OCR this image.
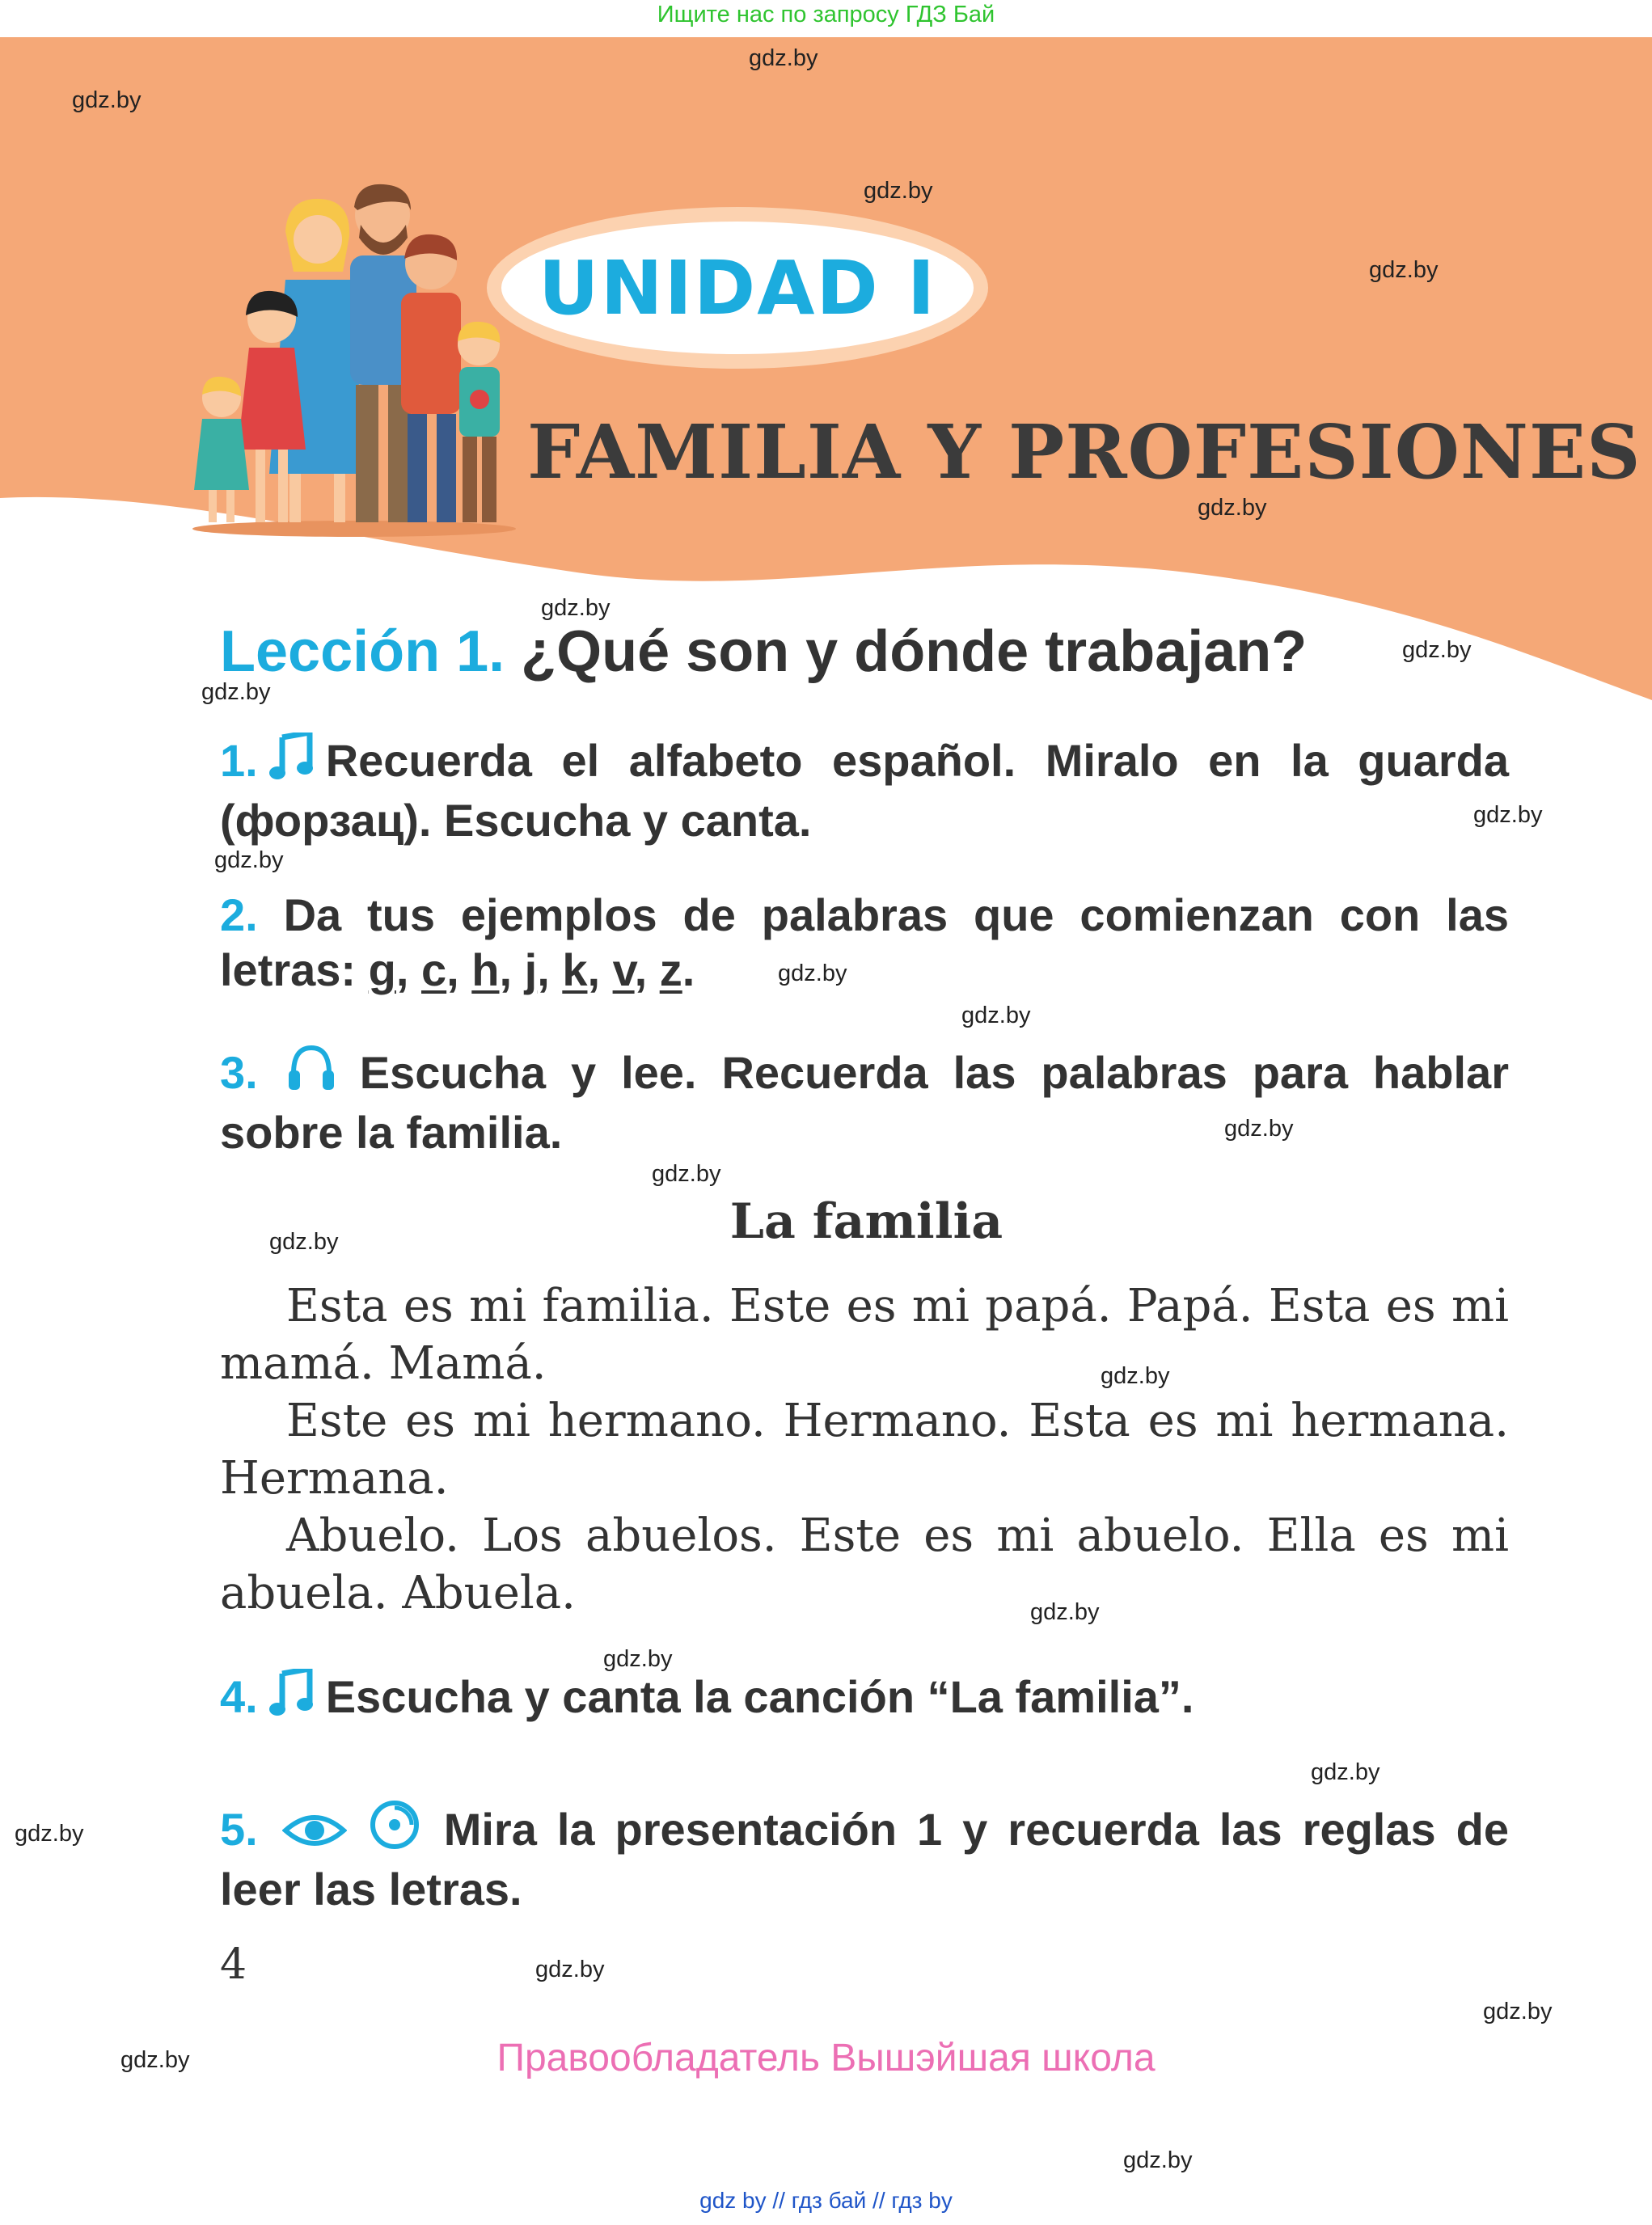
Ищите нас по запросу ГДЗ Бай
UNIDAD I
FAMILIA Y PROFESIONES
Lección 1. ¿Qué son y dónde trabajan?
1. Recuerda el alfabeto español. Miralo en la guarda (форзац). Escucha y canta.
2. Da tus ejemplos de palabras que comienzan con las letras: g, c, h, j, k, v, z.
3. Escucha y lee. Recuerda las palabras para hablar sobre la familia.
La familia
Esta es mi familia. Este es mi papá. Papá. Esta es mi mamá. Mamá.
Este es mi hermano. Hermano. Esta es mi hermana. Hermana.
Abuelo. Los abuelos. Este es mi abuelo. Ella es mi abuela. Abuela.
4. Escucha y canta la canción “La familia”.
5.	Mira la presentación 1 y recuerda las reglas de leer las letras.
4
Правообладатель Вышэйшая школа
gdz by // гдз бай // гдз by
gdz.by
gdz.by
gdz.by
gdz.by
gdz.by
gdz.by
gdz.by
gdz.by
gdz.by
gdz.by
gdz.by
gdz.by
gdz.by
gdz.by
gdz.by
gdz.by
gdz.by
gdz.by
gdz.by
gdz.by
gdz.by
gdz.by
gdz.by
gdz.by
